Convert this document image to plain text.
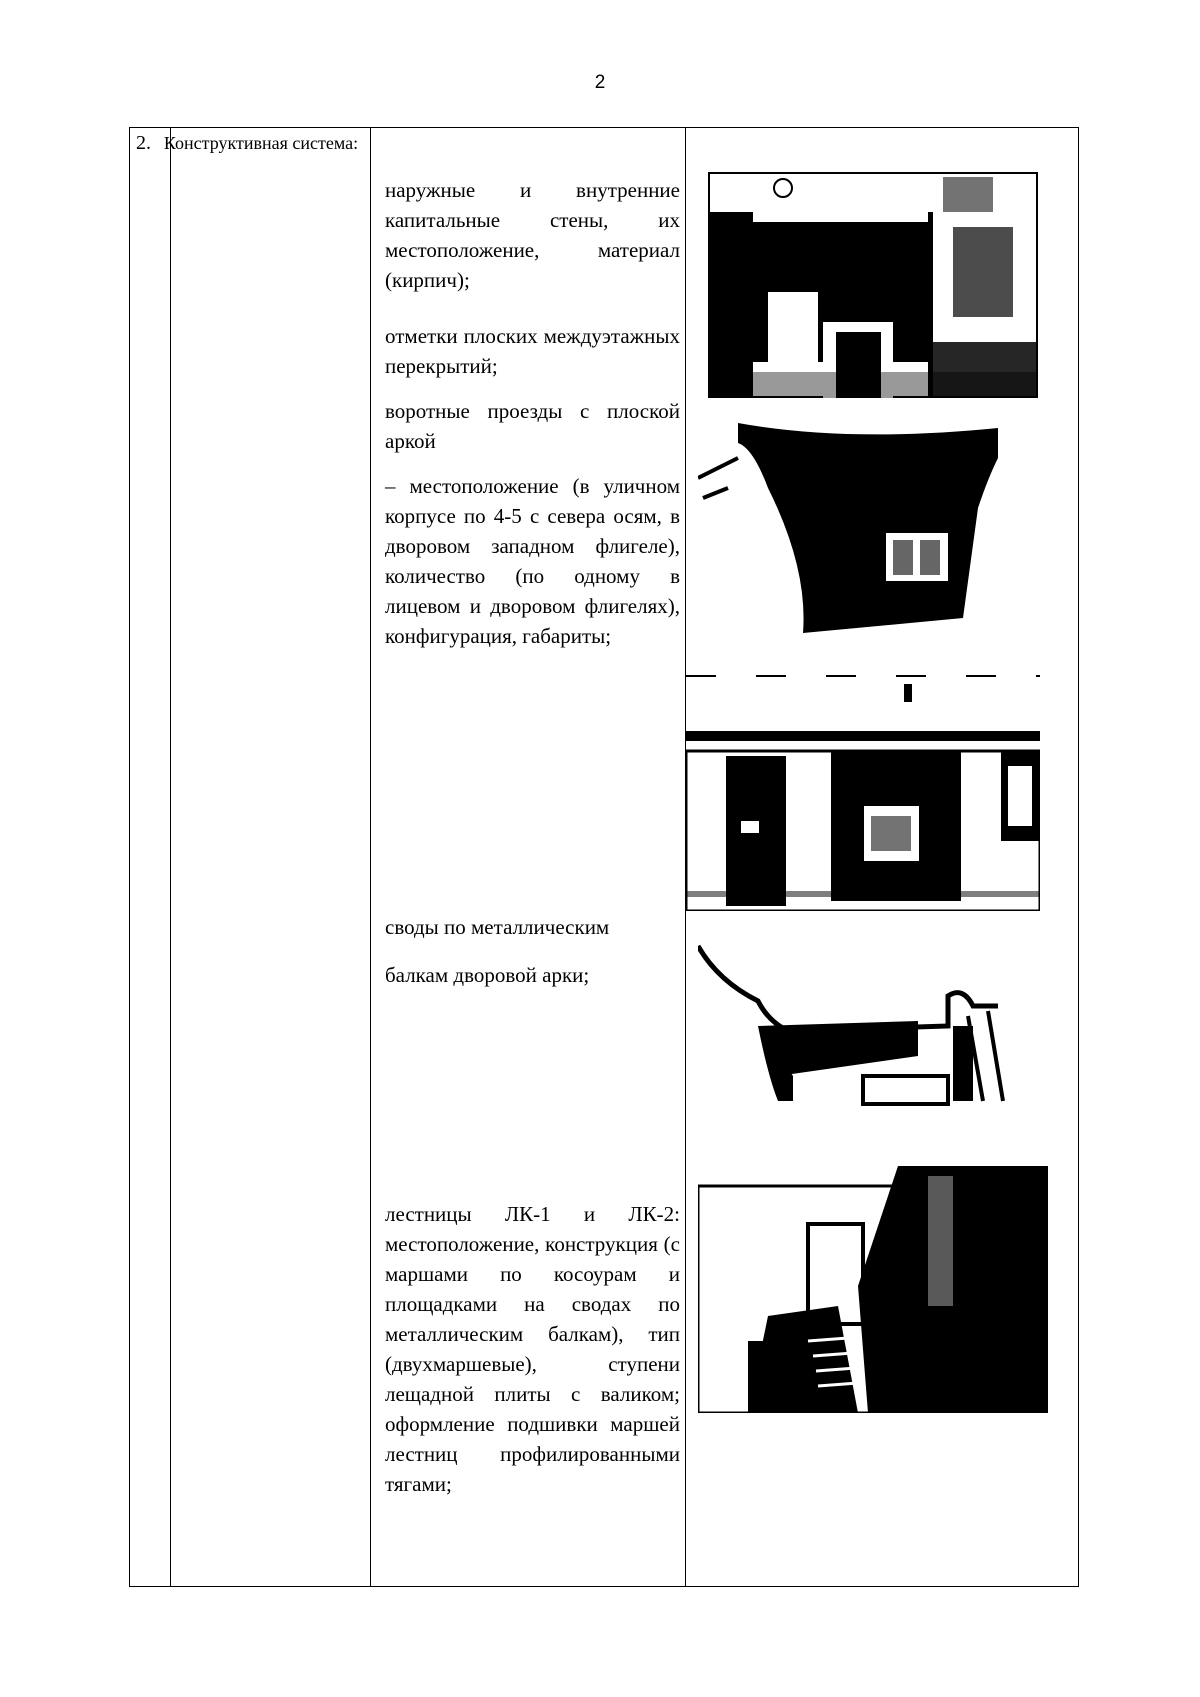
2
2. Конструктивная система:
наружные и внутренние капитальные стены, их местоположение, материал (кирпич);
отметки плоских междуэтажных перекрытий;
воротные проезды с плоской аркой
– местоположение (в уличном корпусе по 4-5 с севера осям, в дворовом западном флигеле), количество (по одному в лицевом и дворовом флигелях), конфигурация, габариты;
своды по металлическим
балкам дворовой арки;
лестницы ЛК-1 и ЛК-2: местоположение, конструкция (с маршами по косоурам и площадками на сводах по металлическим балкам), тип (двухмаршевые), ступени лещадной плиты с валиком; оформление подшивки маршей лестниц профилированными тягами;
